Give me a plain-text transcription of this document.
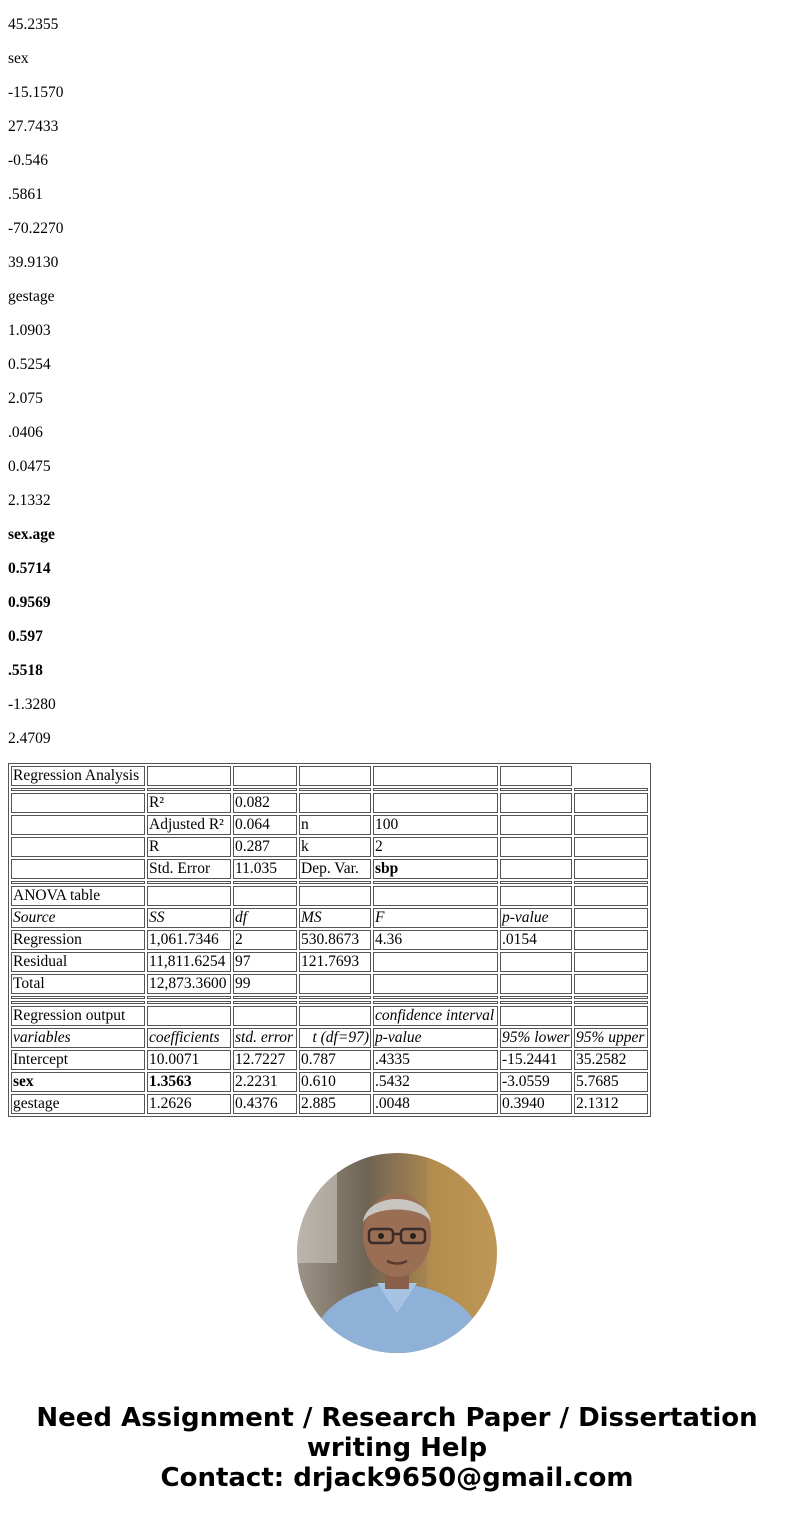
45.2355
sex
-15.1570
27.7433
-0.546
.5861
-70.2270
39.9130
gestage
1.0903
0.5254
2.075
.0406
0.0475
2.1332
sex.age
0.5714
0.9569
0.597
.5518
-1.3280
2.4709
Regression Analysis						

	R²	0.082				
	Adjusted R²	0.064	n	100		
	R	0.287	k	2		
	Std. Error	11.035	Dep. Var.	sbp		

ANOVA table						
Source	SS	df	MS	F	p-value	
Regression	1,061.7346	2	530.8673	4.36	.0154	
Residual	11,811.6254	97	121.7693			
Total	12,873.3600	99				

Regression output				confidence interval		
variables	coefficients	std. error	t (df=97)	p-value	95% lower	95% upper
Intercept	10.0071	12.7227	0.787	.4335	-15.2441	35.2582
sex	1.3563	2.2231	0.610	.5432	-3.0559	5.7685
gestage	1.2626	0.4376	2.885	.0048	0.3940	2.1312
Need Assignment / Research Paper / Dissertation
writing Help
Contact: drjack9650@gmail.com
